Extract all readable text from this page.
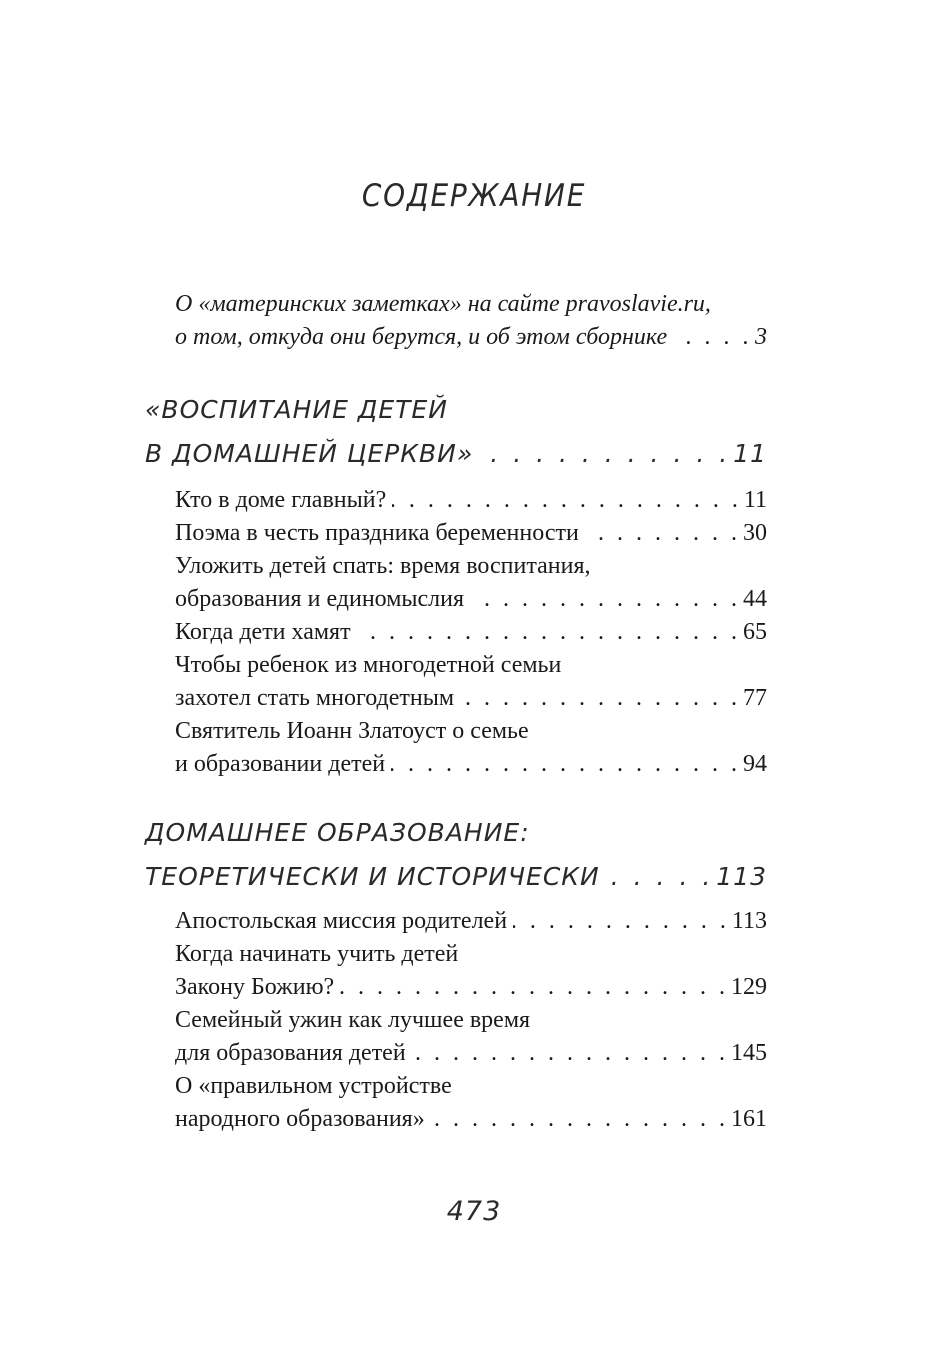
СОДЕРЖАНИЕ
О «материнских заметках» на сайте pravoslavie.ru,
о том, откуда они берутся, и об этом сборнике . . .	3
«ВОСПИТАНИЕ ДЕТЕЙ
В ДОМАШНЕЙ ЦЕРКВИ» . . .	11
Кто в доме главный? . . .	11
Поэма в честь праздника беременности . . .	30
Уложить детей спать: время воспитания,
образования и единомыслия . . .	44
Когда дети хамят . . .	65
Чтобы ребенок из многодетной семьи
захотел стать многодетным . . .	77
Святитель Иоанн Златоуст о семье
и образовании детей . . .	94
ДОМАШНЕЕ ОБРАЗОВАНИЕ:
ТЕОРЕТИЧЕСКИ И ИСТОРИЧЕСКИ . . .	113
Апостольская миссия родителей . . .	113
Когда начинать учить детей
Закону Божию? . . .	129
Семейный ужин как лучшее время
для образования детей . . .	145
О «правильном устройстве
народного образования» . . .	161
473
